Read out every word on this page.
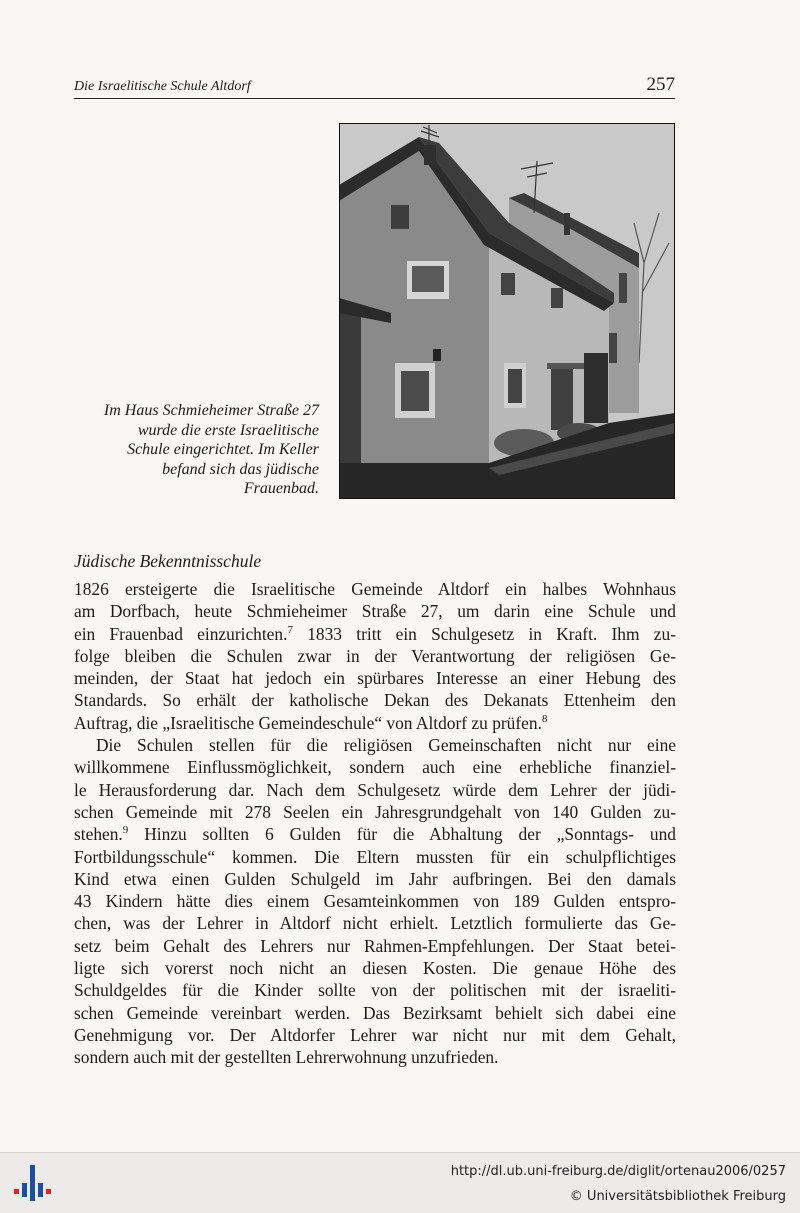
Die Israelitische Schule Altdorf	257
Im Haus Schmieheimer Straße 27
wurde die erste Israelitische
Schule eingerichtet. Im Keller
befand sich das jüdische
Frauenbad.
Jüdische Bekenntnisschule
1826 ersteigerte die Israelitische Gemeinde Altdorf ein halbes Wohnhaus
am Dorfbach, heute Schmieheimer Straße 27, um darin eine Schule und
ein Frauenbad einzurichten.$^7$ 1833 tritt ein Schulgesetz in Kraft. Ihm zu-
folge bleiben die Schulen zwar in der Verantwortung der religiösen Ge-
meinden, der Staat hat jedoch ein spürbares Interesse an einer Hebung des
Standards. So erhält der katholische Dekan des Dekanats Ettenheim den
Auftrag, die „Israelitische Gemeindeschule“ von Altdorf zu prüfen.$^8$
Die Schulen stellen für die religiösen Gemeinschaften nicht nur eine
willkommene Einflussmöglichkeit, sondern auch eine erhebliche finanziel-
le Herausforderung dar. Nach dem Schulgesetz würde dem Lehrer der jüdi-
schen Gemeinde mit 278 Seelen ein Jahresgrundgehalt von 140 Gulden zu-
stehen.$^9$ Hinzu sollten 6 Gulden für die Abhaltung der „Sonntags- und
Fortbildungsschule“ kommen. Die Eltern mussten für ein schulpflichtiges
Kind etwa einen Gulden Schulgeld im Jahr aufbringen. Bei den damals
43 Kindern hätte dies einem Gesamteinkommen von 189 Gulden entspro-
chen, was der Lehrer in Altdorf nicht erhielt. Letztlich formulierte das Ge-
setz beim Gehalt des Lehrers nur Rahmen-Empfehlungen. Der Staat betei-
ligte sich vorerst noch nicht an diesen Kosten. Die genaue Höhe des
Schuldgeldes für die Kinder sollte von der politischen mit der israeliti-
schen Gemeinde vereinbart werden. Das Bezirksamt behielt sich dabei eine
Genehmigung vor. Der Altdorfer Lehrer war nicht nur mit dem Gehalt,
sondern auch mit der gestellten Lehrerwohnung unzufrieden.
http://dl.ub.uni-freiburg.de/diglit/ortenau2006/0257
© Universitätsbibliothek Freiburg
